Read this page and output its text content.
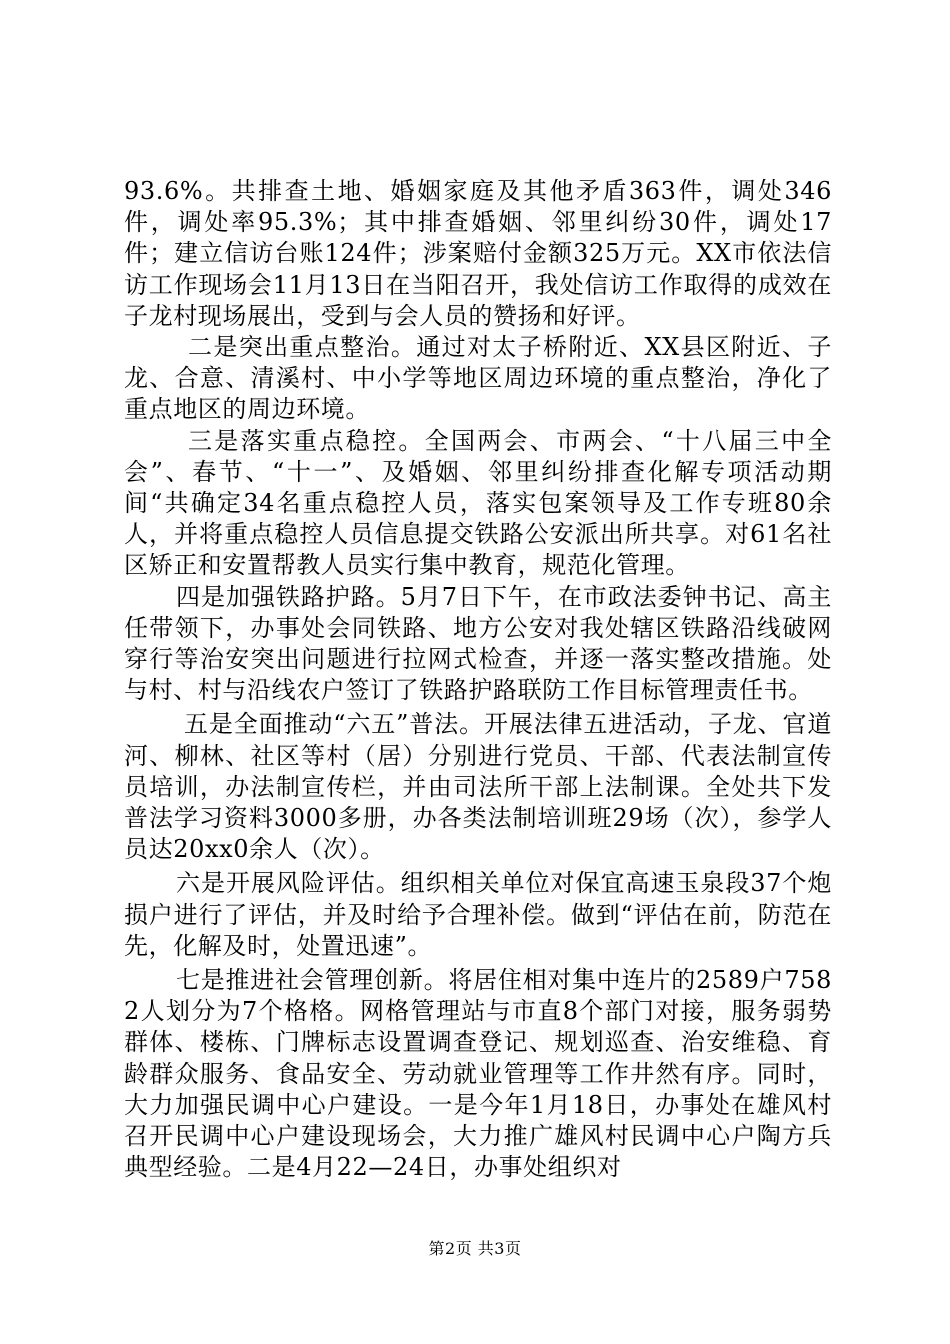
93.6%。共排查土地、婚姻家庭及其他矛盾363件，调处346件，调处率95.3%；其中排查婚姻、邻里纠纷30件，调处17件；建立信访台账124件；涉案赔付金额325万元。XX市依法信访工作现场会11月13日在当阳召开，我处信访工作取得的成效在子龙村现场展出，受到与会人员的赞扬和好评。

二是突出重点整治。通过对太子桥附近、XX县区附近、子龙、合意、清溪村、中小学等地区周边环境的重点整治，净化了重点地区的周边环境。

三是落实重点稳控。全国两会、市两会、“十八届三中全会”、春节、“十一”、及婚姻、邻里纠纷排查化解专项活动期间“共确定34名重点稳控人员，落实包案领导及工作专班80余人，并将重点稳控人员信息提交铁路公安派出所共享。对61名社区矫正和安置帮教人员实行集中教育，规范化管理。

四是加强铁路护路。5月7日下午，在市政法委钟书记、高主任带领下，办事处会同铁路、地方公安对我处辖区铁路沿线破网穿行等治安突出问题进行拉网式检查，并逐一落实整改措施。处与村、村与沿线农户签订了铁路护路联防工作目标管理责任书。

五是全面推动“六五”普法。开展法律五进活动，子龙、官道河、柳林、社区等村（居）分别进行党员、干部、代表法制宣传员培训，办法制宣传栏，并由司法所干部上法制课。全处共下发普法学习资料3000多册，办各类法制培训班29场（次），参学人员达20xx0余人（次）。

六是开展风险评估。组织相关单位对保宜高速玉泉段37个炮损户进行了评估，并及时给予合理补偿。做到“评估在前，防范在先，化解及时，处置迅速”。

七是推进社会管理创新。将居住相对集中连片的2589户7582人划分为7个格格。网格管理站与市直8个部门对接，服务弱势群体、楼栋、门牌标志设置调查登记、规划巡查、治安维稳、育龄群众服务、食品安全、劳动就业管理等工作井然有序。同时，大力加强民调中心户建设。一是今年1月18日，办事处在雄风村召开民调中心户建设现场会，大力推广雄风村民调中心户陶方兵典型经验。二是4月22—24日，办事处组织对

第2页 共3页
